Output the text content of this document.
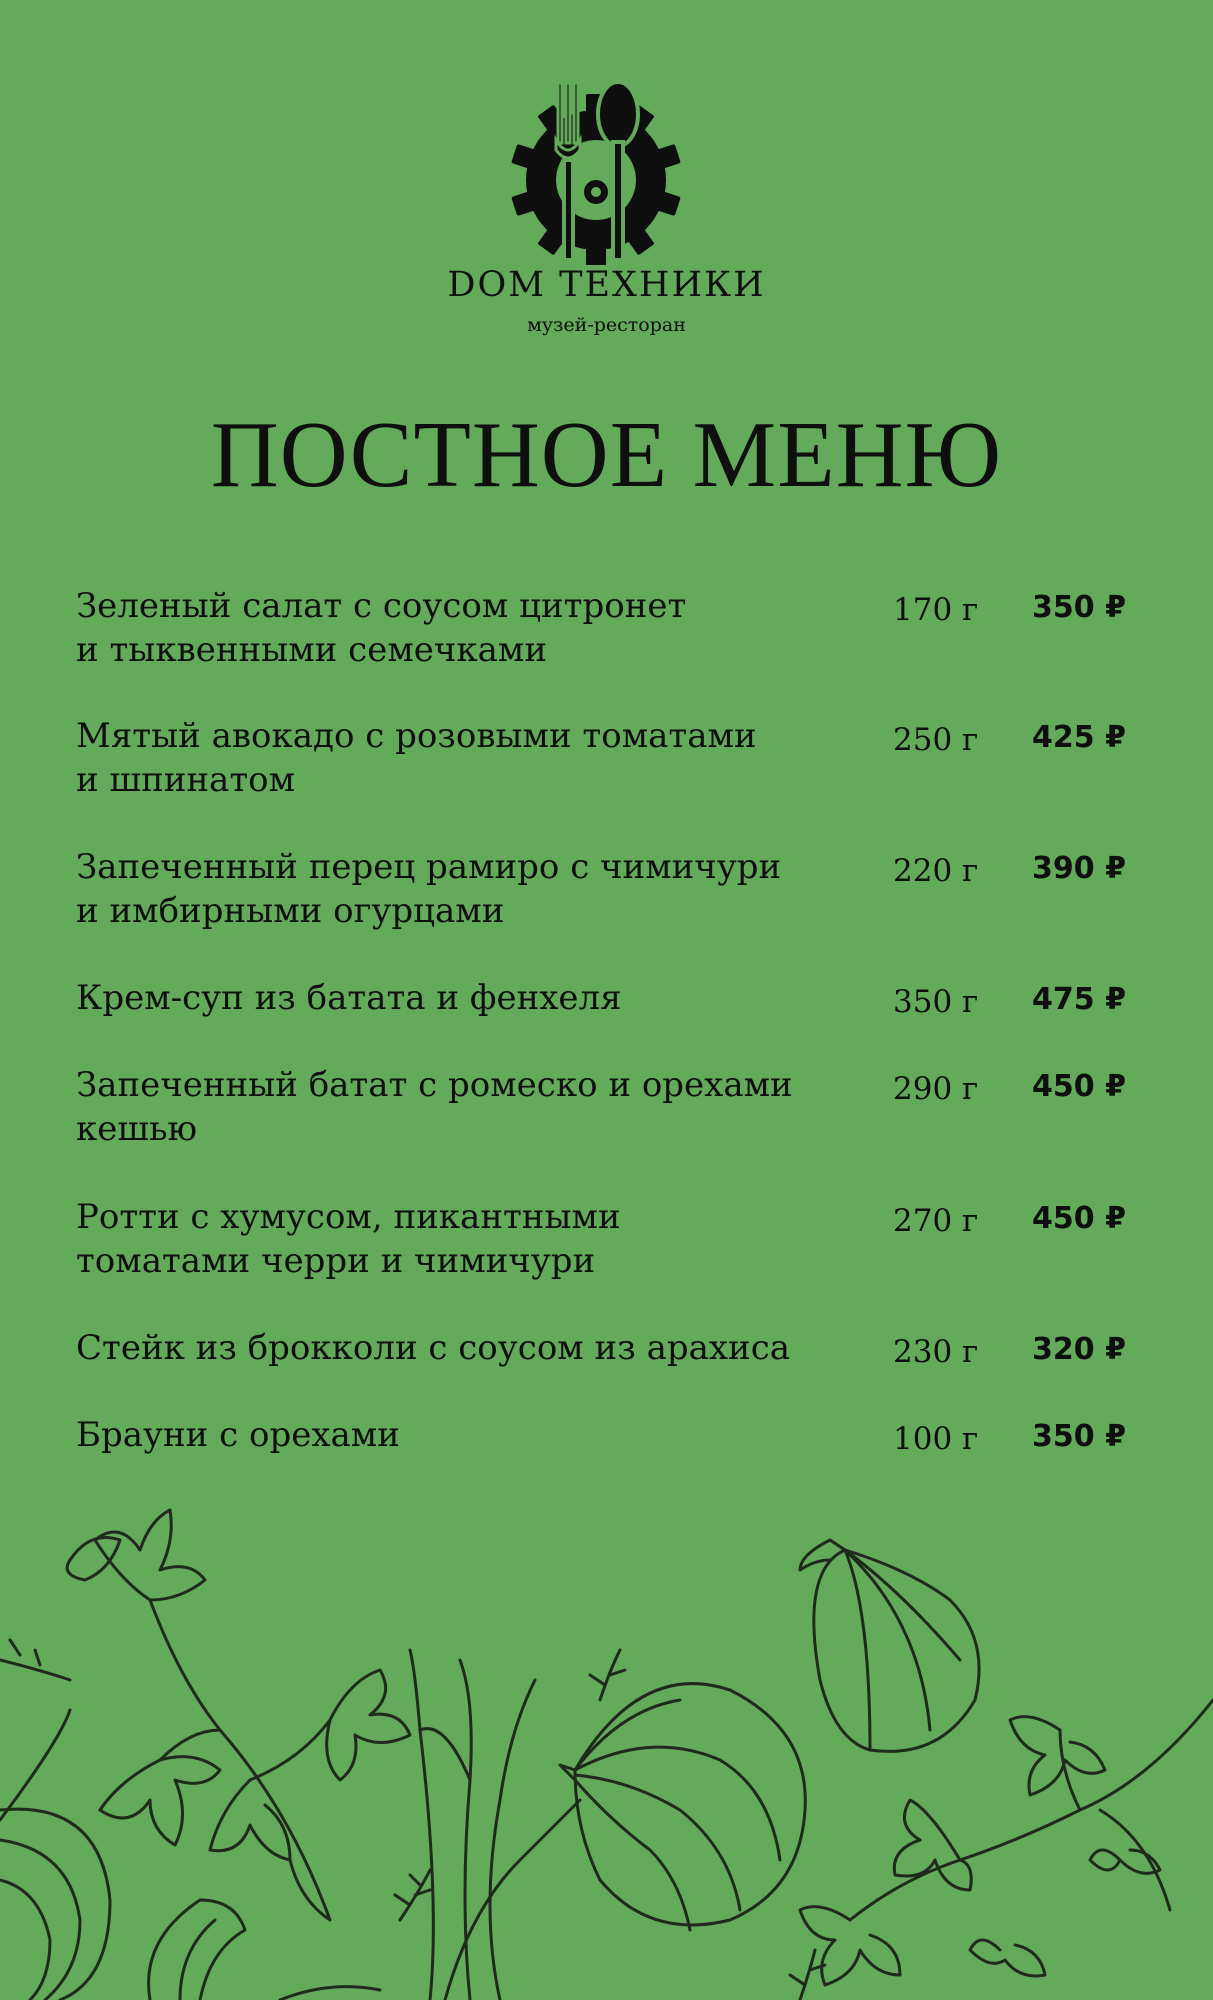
DOM ТЕХНИКИ
музей-ресторан
ПОСТНОЕ МЕНЮ
Зеленый салат с соусом цитронет
и тыквенными семечками
170 г 350 ₽
Мятый авокадо с розовыми томатами
и шпинатом
250 г 425 ₽
Запеченный перец рамиро с чимичури
и имбирными огурцами
220 г 390 ₽
Крем-суп из батата и фенхеля	350 г 475 ₽
Запеченный батат с ромеско и орехами
кешью
290 г 450 ₽
Ротти с хумусом, пикантными
томатами черри и чимичури
270 г 450 ₽
Стейк из брокколи с соусом из арахиса	230 г 320 ₽
Брауни с орехами	100 г 350 ₽
